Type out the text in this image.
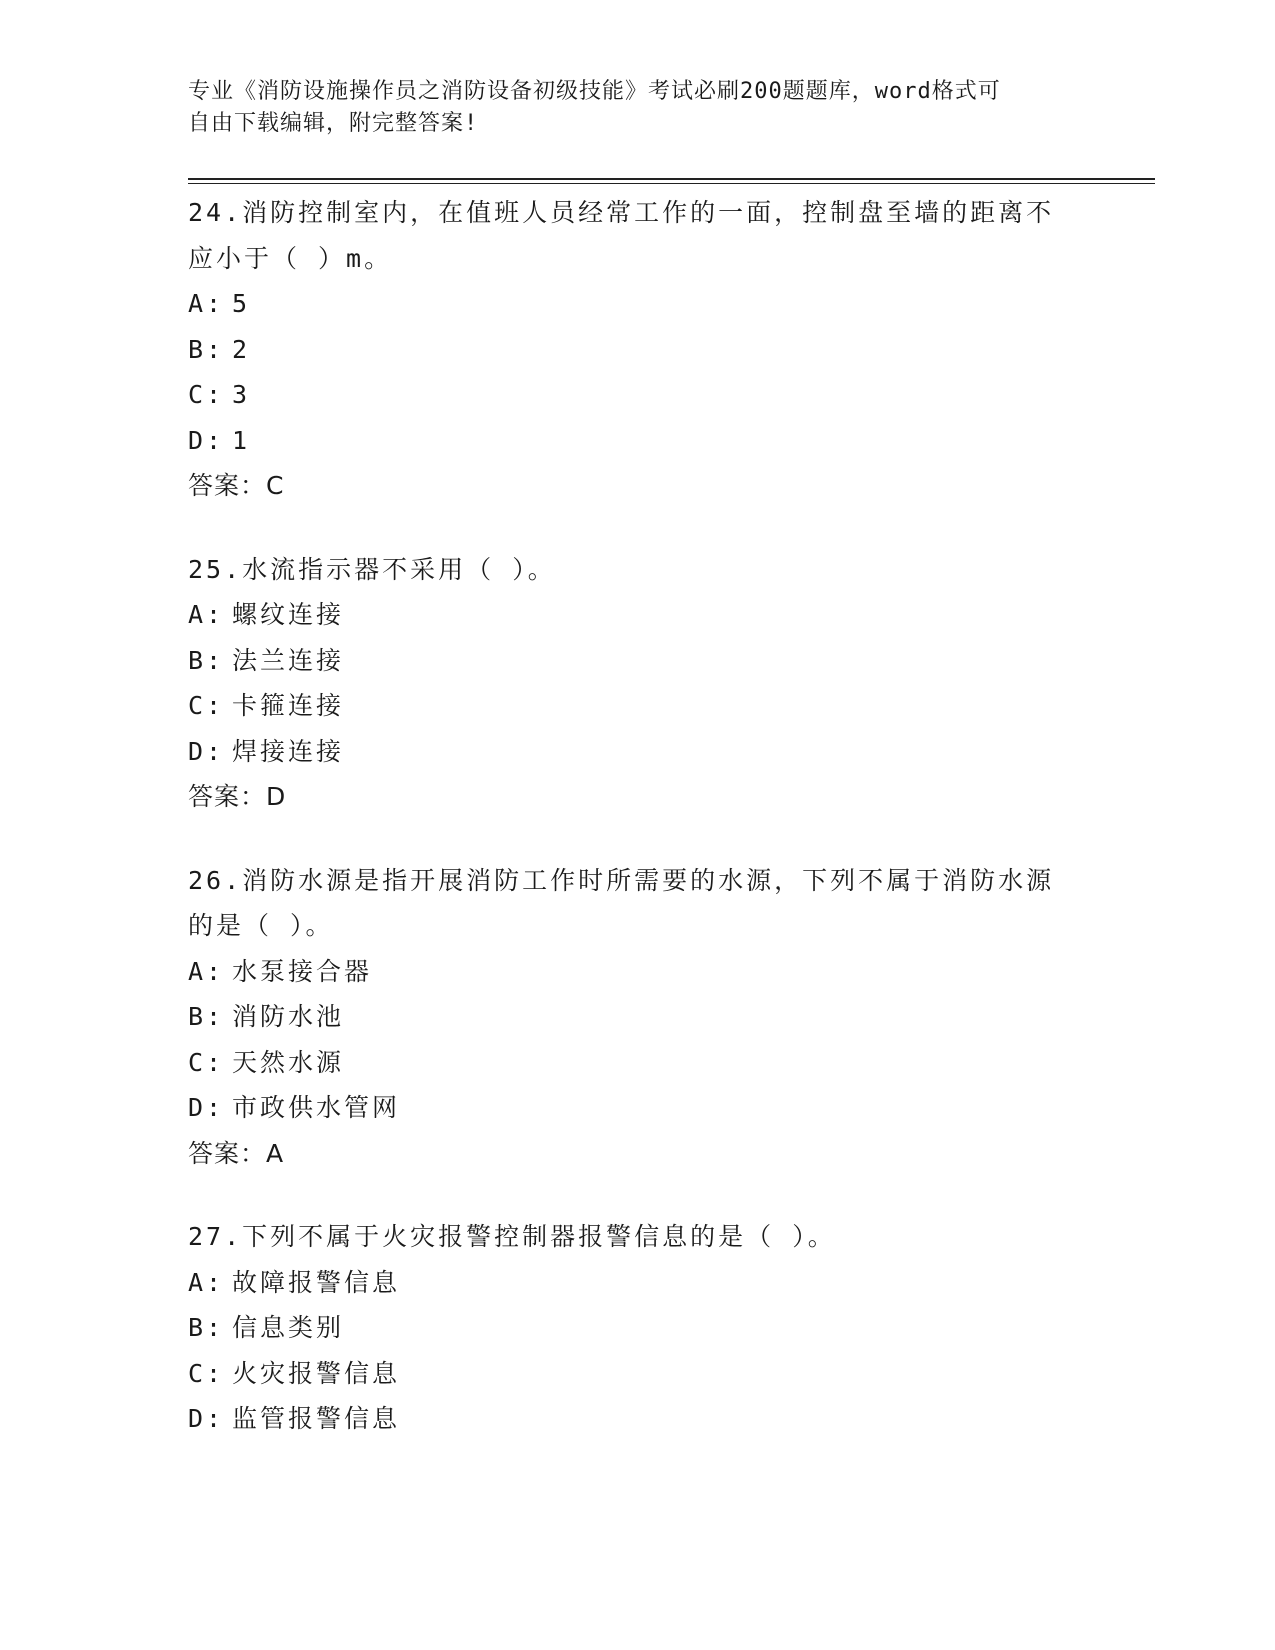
专业《消防设施操作员之消防设备初级技能》考试必刷200题题库，word格式可
自由下载编辑，附完整答案!
24.消防控制室内，在值班人员经常工作的一面，控制盘至墙的距离不
应小于（ ）m。
A: 5
B: 2
C: 3
D: 1
答案：C
25.水流指示器不采用（ ）。
A: 螺纹连接
B: 法兰连接
C: 卡箍连接
D: 焊接连接
答案：D
26.消防水源是指开展消防工作时所需要的水源，下列不属于消防水源
的是（ ）。
A: 水泵接合器
B: 消防水池
C: 天然水源
D: 市政供水管网
答案：A
27.下列不属于火灾报警控制器报警信息的是（ ）。
A: 故障报警信息
B: 信息类别
C: 火灾报警信息
D: 监管报警信息
